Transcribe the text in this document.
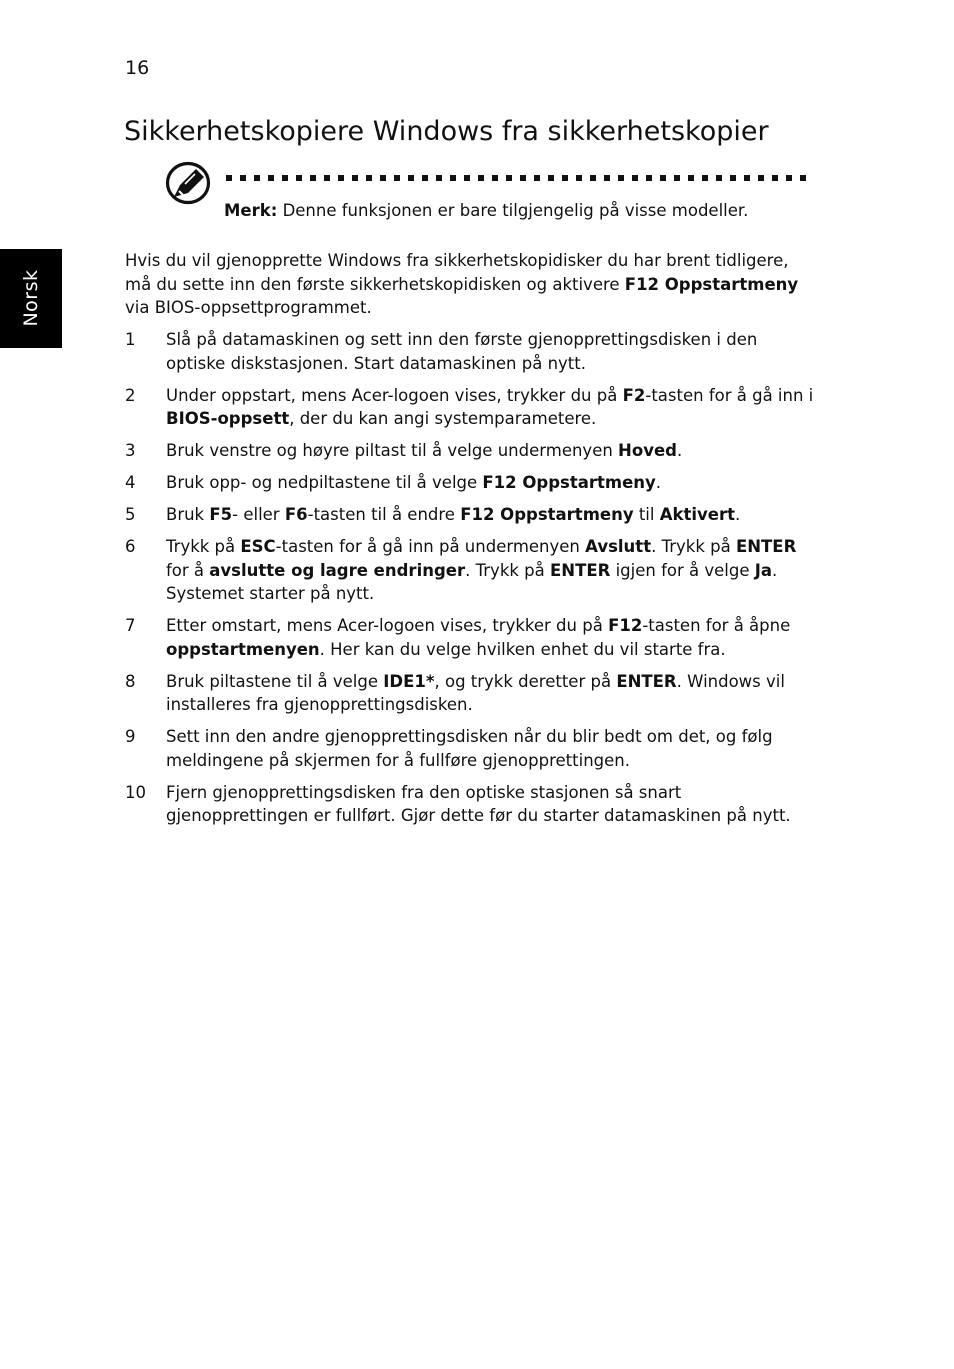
16
Sikkerhetskopiere Windows fra sikkerhetskopier
Norsk
Merk: Denne funksjonen er bare tilgjengelig på visse modeller.

Hvis du vil gjenopprette Windows fra sikkerhetskopidisker du har brent tidligere, må du sette inn den første sikkerhetskopidisken og aktivere F12 Oppstartmeny via BIOS-oppsettprogrammet.

1	Slå på datamaskinen og sett inn den første gjenopprettingsdisken i den optiske diskstasjonen. Start datamaskinen på nytt.
2	Under oppstart, mens Acer-logoen vises, trykker du på F2-tasten for å gå inn i BIOS-oppsett, der du kan angi systemparametere.
3	Bruk venstre og høyre piltast til å velge undermenyen Hoved.
4	Bruk opp- og nedpiltastene til å velge F12 Oppstartmeny.
5	Bruk F5- eller F6-tasten til å endre F12 Oppstartmeny til Aktivert.
6	Trykk på ESC-tasten for å gå inn på undermenyen Avslutt. Trykk på ENTER for å avslutte og lagre endringer. Trykk på ENTER igjen for å velge Ja. Systemet starter på nytt.
7	Etter omstart, mens Acer-logoen vises, trykker du på F12-tasten for å åpne oppstartmenyen. Her kan du velge hvilken enhet du vil starte fra.
8	Bruk piltastene til å velge IDE1*, og trykk deretter på ENTER. Windows vil installeres fra gjenopprettingsdisken.
9	Sett inn den andre gjenopprettingsdisken når du blir bedt om det, og følg meldingene på skjermen for å fullføre gjenopprettingen.
10	Fjern gjenopprettingsdisken fra den optiske stasjonen så snart gjenopprettingen er fullført. Gjør dette før du starter datamaskinen på nytt.
